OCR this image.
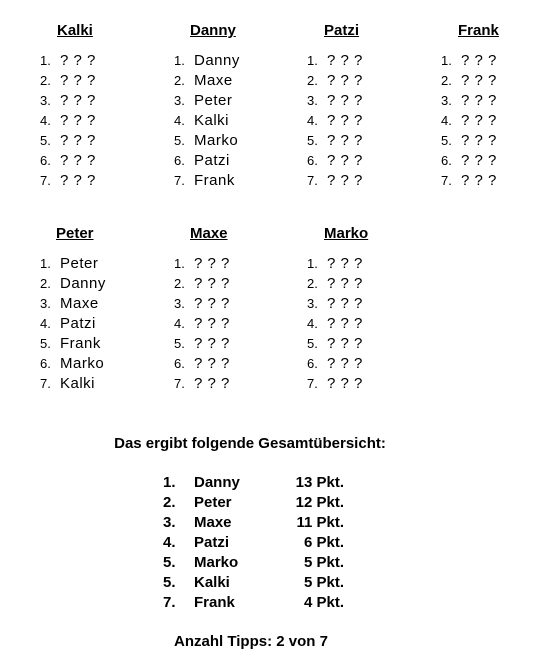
Kalki
1. ? ? ?
2. ? ? ?
3. ? ? ?
4. ? ? ?
5. ? ? ?
6. ? ? ?
7. ? ? ?
Danny
1. Danny
2. Maxe
3. Peter
4. Kalki
5. Marko
6. Patzi
7. Frank
Patzi
1. ? ? ?
2. ? ? ?
3. ? ? ?
4. ? ? ?
5. ? ? ?
6. ? ? ?
7. ? ? ?
Frank
1. ? ? ?
2. ? ? ?
3. ? ? ?
4. ? ? ?
5. ? ? ?
6. ? ? ?
7. ? ? ?
Peter
1. Peter
2. Danny
3. Maxe
4. Patzi
5. Frank
6. Marko
7. Kalki
Maxe
1. ? ? ?
2. ? ? ?
3. ? ? ?
4. ? ? ?
5. ? ? ?
6. ? ? ?
7. ? ? ?
Marko
1. ? ? ?
2. ? ? ?
3. ? ? ?
4. ? ? ?
5. ? ? ?
6. ? ? ?
7. ? ? ?
Das ergibt folgende Gesamtübersicht:
1. Danny	13 Pkt.
2. Peter	12 Pkt.
3. Maxe	11 Pkt.
4. Patzi	6 Pkt.
5. Marko	5 Pkt.
5. Kalki	5 Pkt.
7. Frank	4 Pkt.
Anzahl Tipps: 2 von 7
